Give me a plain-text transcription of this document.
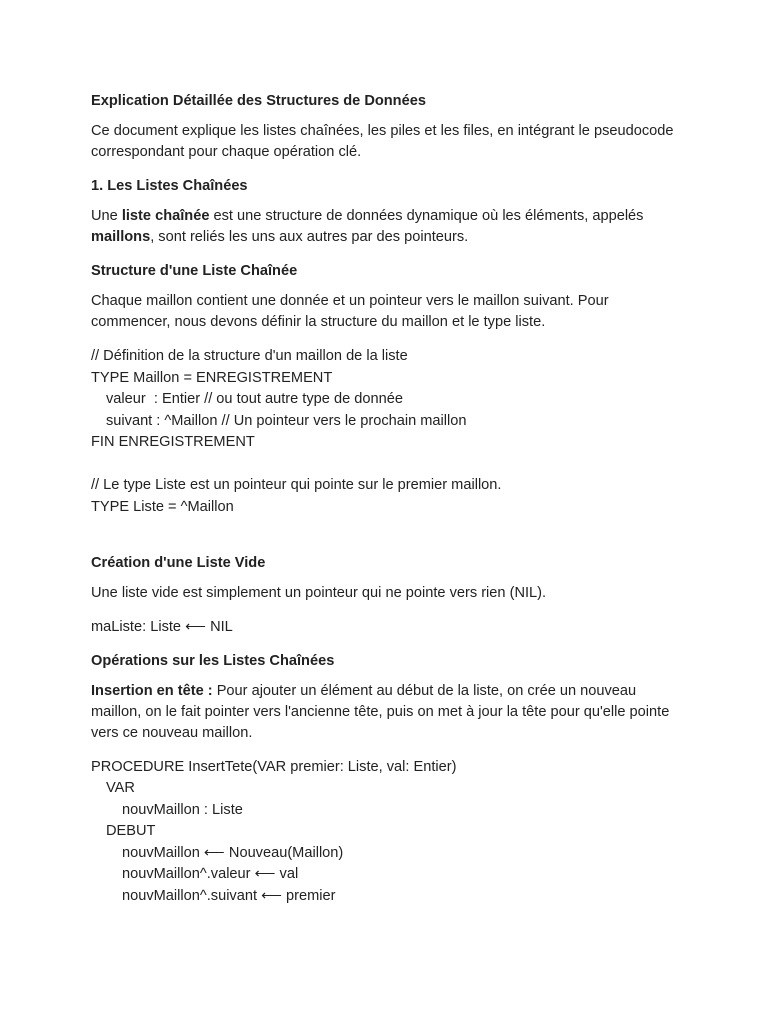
Explication Détaillée des Structures de Données

Ce document explique les listes chaînées, les piles et les files, en intégrant le pseudocode correspondant pour chaque opération clé.

1. Les Listes Chaînées

Une liste chaînée est une structure de données dynamique où les éléments, appelés maillons, sont reliés les uns aux autres par des pointeurs.

Structure d'une Liste Chaînée

Chaque maillon contient une donnée et un pointeur vers le maillon suivant. Pour commencer, nous devons définir la structure du maillon et le type liste.

// Définition de la structure d'un maillon de la liste
TYPE Maillon = ENREGISTREMENT
valeur  : Entier // ou tout autre type de donnée
suivant : ^Maillon // Un pointeur vers le prochain maillon
FIN ENREGISTREMENT
// Le type Liste est un pointeur qui pointe sur le premier maillon.
TYPE Liste = ^Maillon

Création d'une Liste Vide

Une liste vide est simplement un pointeur qui ne pointe vers rien (NIL).

maListe: Liste ⟵ NIL

Opérations sur les Listes Chaînées

Insertion en tête : Pour ajouter un élément au début de la liste, on crée un nouveau maillon, on le fait pointer vers l'ancienne tête, puis on met à jour la tête pour qu'elle pointe vers ce nouveau maillon.

PROCEDURE InsertTete(VAR premier: Liste, val: Entier)
VAR
nouvMaillon : Liste
DEBUT
nouvMaillon ⟵ Nouveau(Maillon)
nouvMaillon^.valeur ⟵ val
nouvMaillon^.suivant ⟵ premier
